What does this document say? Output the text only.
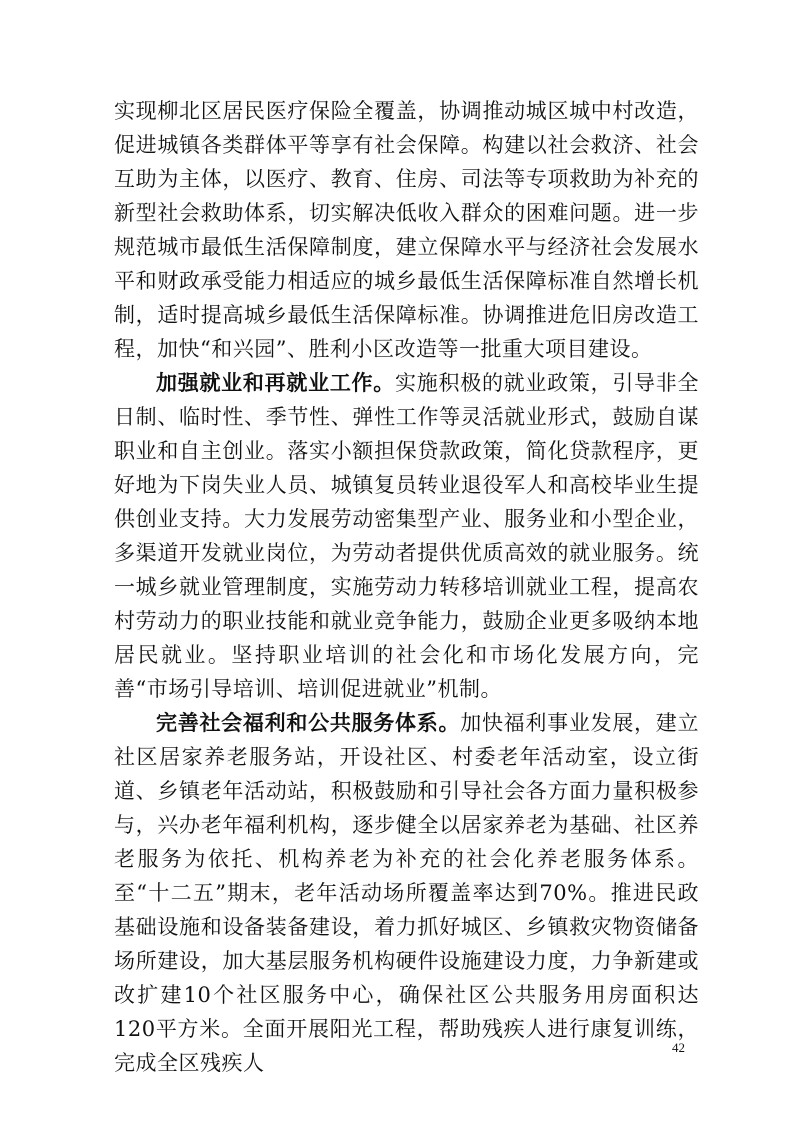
实现柳北区居民医疗保险全覆盖，协调推动城区城中村改造，促进城镇各类群体平等享有社会保障。构建以社会救济、社会互助为主体，以医疗、教育、住房、司法等专项救助为补充的新型社会救助体系，切实解决低收入群众的困难问题。进一步规范城市最低生活保障制度，建立保障水平与经济社会发展水平和财政承受能力相适应的城乡最低生活保障标准自然增长机制，适时提高城乡最低生活保障标准。协调推进危旧房改造工程，加快“和兴园”、胜利小区改造等一批重大项目建设。

加强就业和再就业工作。实施积极的就业政策，引导非全日制、临时性、季节性、弹性工作等灵活就业形式，鼓励自谋职业和自主创业。落实小额担保贷款政策，简化贷款程序，更好地为下岗失业人员、城镇复员转业退役军人和高校毕业生提供创业支持。大力发展劳动密集型产业、服务业和小型企业，多渠道开发就业岗位，为劳动者提供优质高效的就业服务。统一城乡就业管理制度，实施劳动力转移培训就业工程，提高农村劳动力的职业技能和就业竞争能力，鼓励企业更多吸纳本地居民就业。坚持职业培训的社会化和市场化发展方向，完善“市场引导培训、培训促进就业”机制。

完善社会福利和公共服务体系。加快福利事业发展，建立社区居家养老服务站，开设社区、村委老年活动室，设立街道、乡镇老年活动站，积极鼓励和引导社会各方面力量积极参与，兴办老年福利机构，逐步健全以居家养老为基础、社区养老服务为依托、机构养老为补充的社会化养老服务体系。至“十二五”期末，老年活动场所覆盖率达到70%。推进民政基础设施和设备装备建设，着力抓好城区、乡镇救灾物资储备场所建设，加大基层服务机构硬件设施建设力度，力争新建或改扩建10个社区服务中心，确保社区公共服务用房面积达120平方米。全面开展阳光工程，帮助残疾人进行康复训练，完成全区残疾人

42
